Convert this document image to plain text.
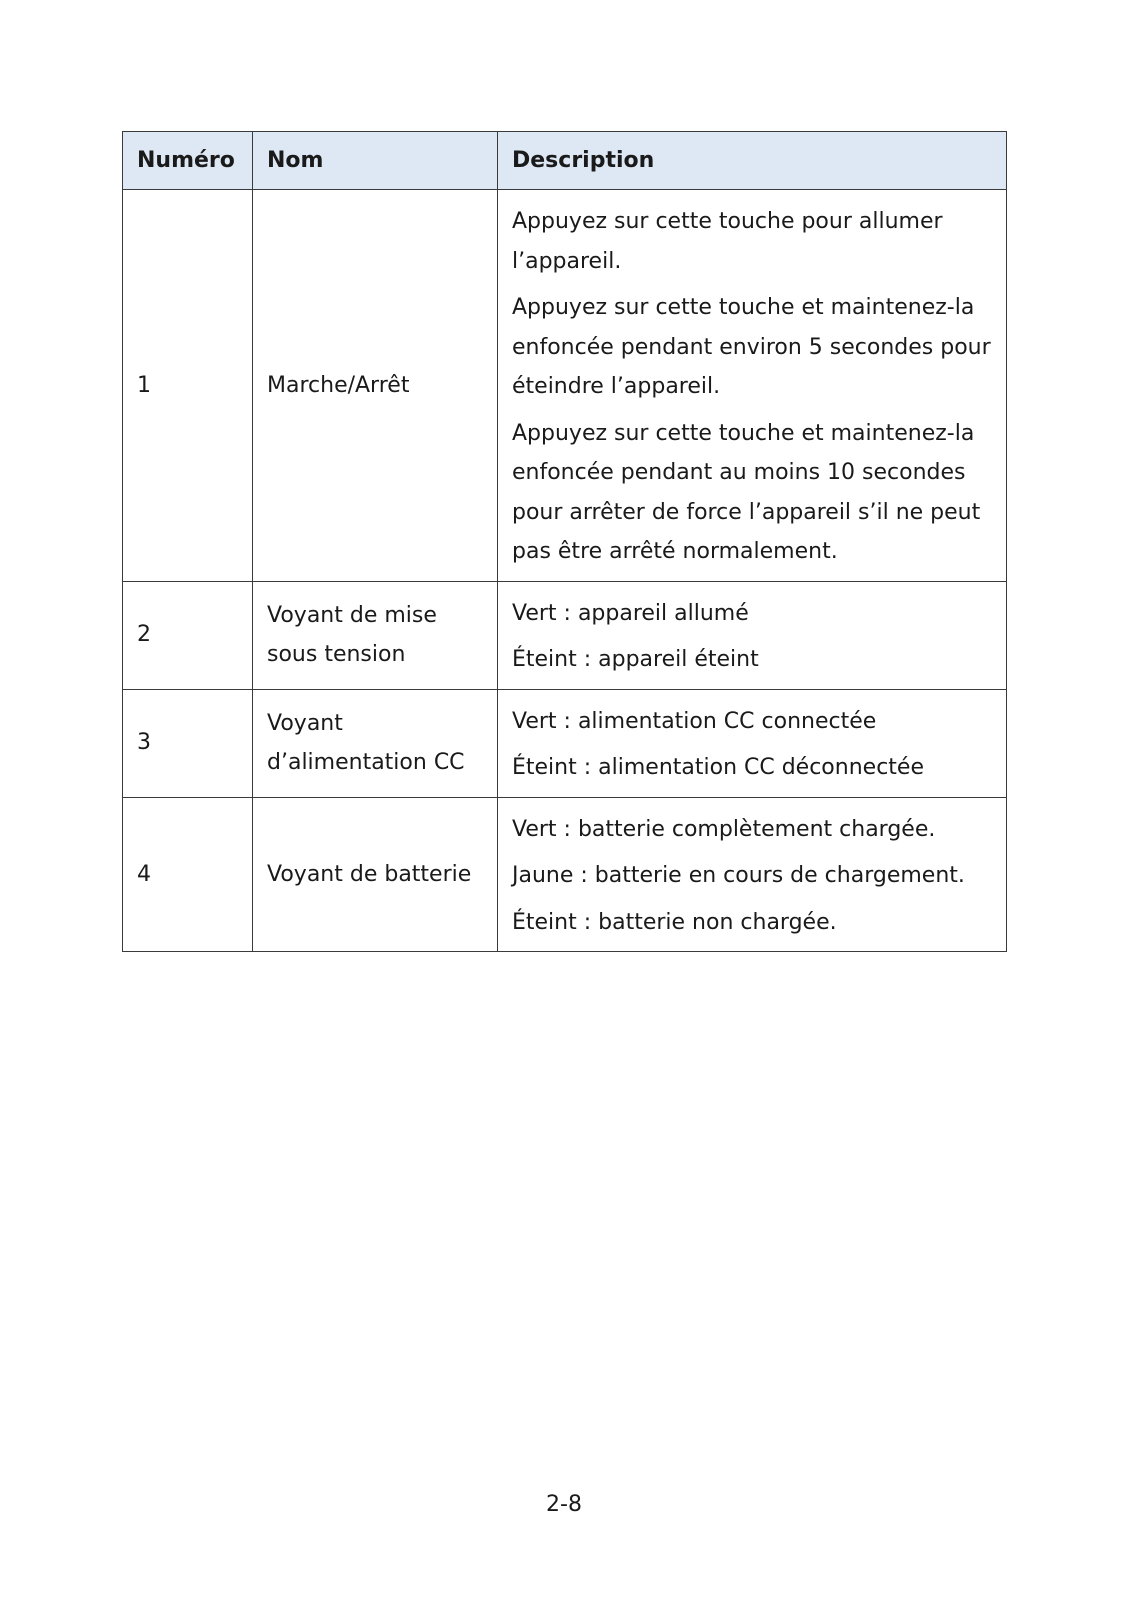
Numéro	Nom	Description
1	Marche/Arrêt	Appuyez sur cette touche pour allumer l’appareil.

Appuyez sur cette touche et maintenez-la enfoncée pendant environ 5 secondes pour éteindre l’appareil.

Appuyez sur cette touche et maintenez-la enfoncée pendant au moins 10 secondes pour arrêter de force l’appareil s’il ne peut pas être arrêté normalement.

2	Voyant de mise sous tension	Vert : appareil allumé

Éteint : appareil éteint

3	Voyant d’alimentation CC	Vert : alimentation CC connectée

Éteint : alimentation CC déconnectée

4	Voyant de batterie	Vert : batterie complètement chargée.

Jaune : batterie en cours de chargement.

Éteint : batterie non chargée.

2-8
